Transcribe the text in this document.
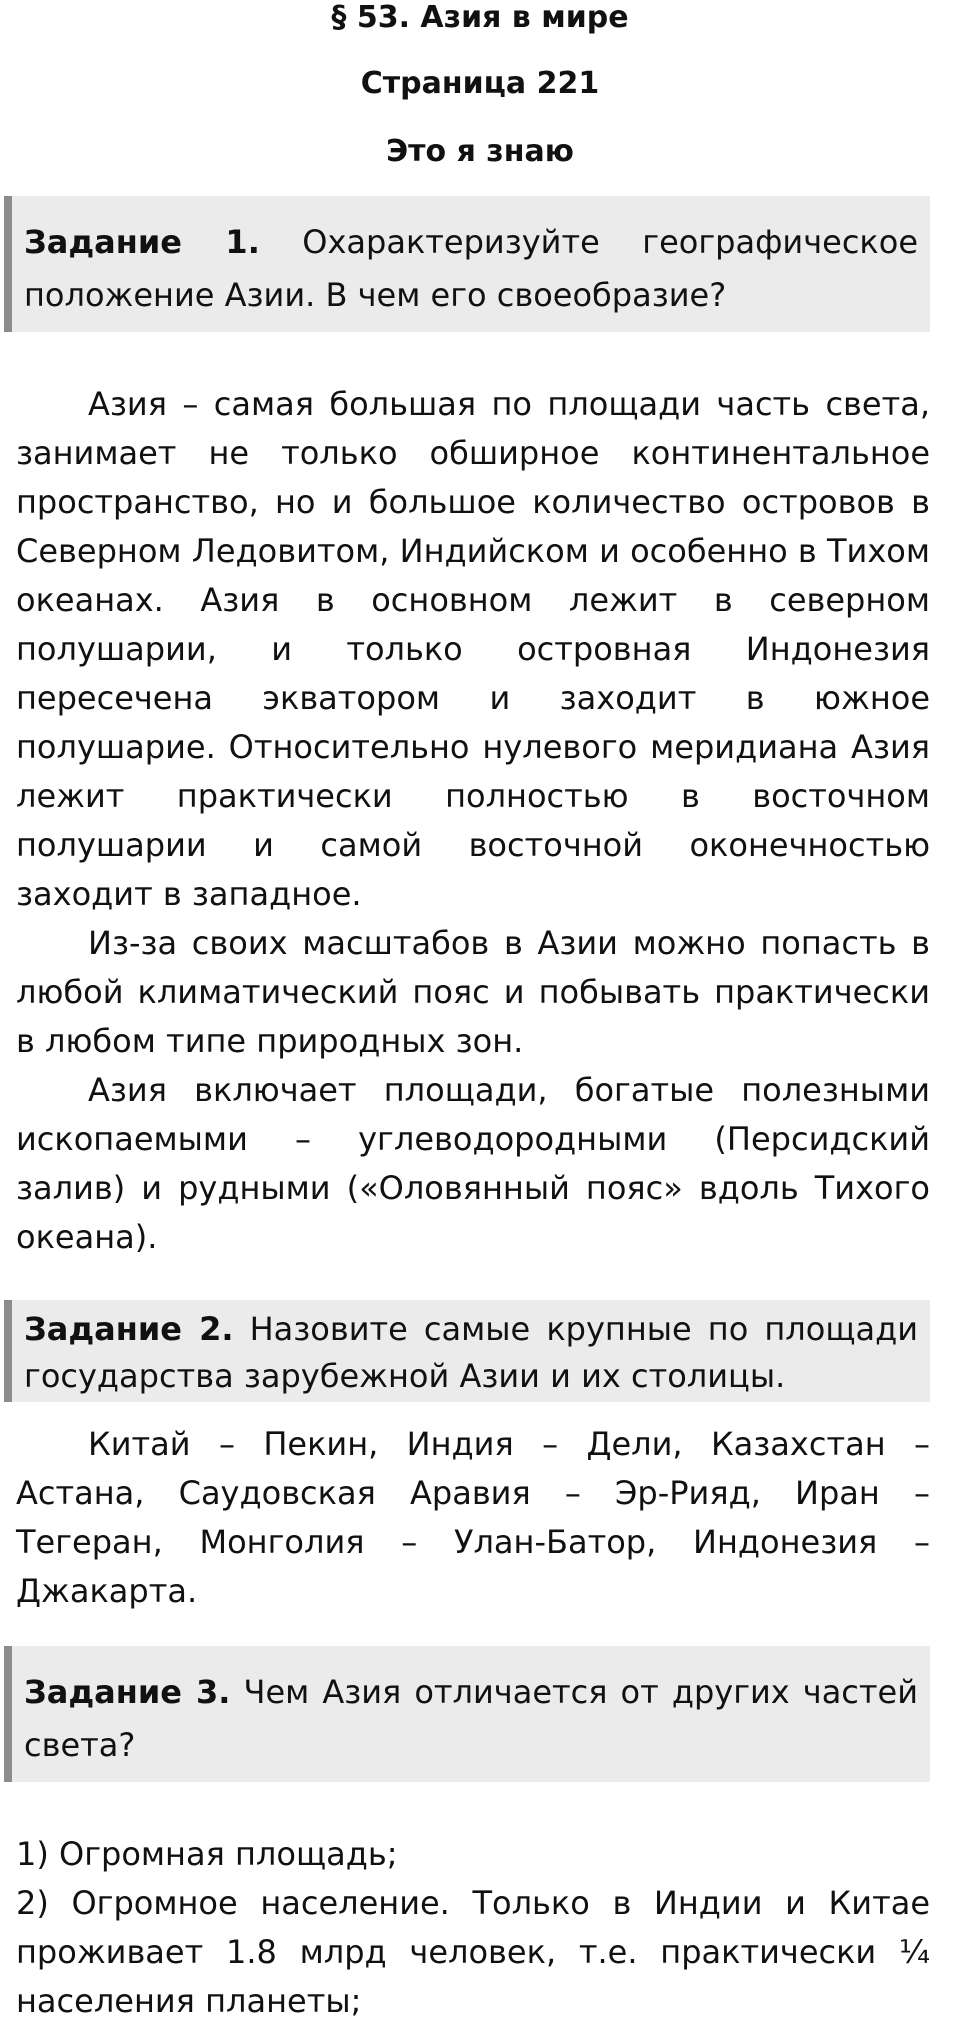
§ 53. Азия в мире
Страница 221
Это я знаю

Задание 1. Охарактеризуйте географическое положение Азии. В чем его своеобразие?

Азия – самая большая по площади часть света, занимает не только обширное континентальное пространство, но и большое количество островов в Северном Ледовитом, Индийском и особенно в Тихом океанах. Азия в основном лежит в северном полушарии, и только островная Индонезия пересечена экватором и заходит в южное полушарие. Относительно нулевого меридиана Азия лежит практически полностью в восточном полушарии и самой восточной оконечностью заходит в западное.

Из-за своих масштабов в Азии можно попасть в любой климатический пояс и побывать практически в любом типе природных зон.

Азия включает площади, богатые полезными ископаемыми – углеводородными (Персидский залив) и рудными («Оловянный пояс» вдоль Тихого океана).

Задание 2. Назовите самые крупные по площади государства зарубежной Азии и их столицы.

Китай – Пекин, Индия – Дели, Казахстан – Астана, Саудовская Аравия – Эр-Рияд, Иран – Тегеран, Монголия – Улан-Батор, Индонезия – Джакарта.

Задание 3. Чем Азия отличается от других частей света?

1) Огромная площадь;

2) Огромное население. Только в Индии и Китае проживает 1.8 млрд человек, т.е. практически ¼ населения планеты;
